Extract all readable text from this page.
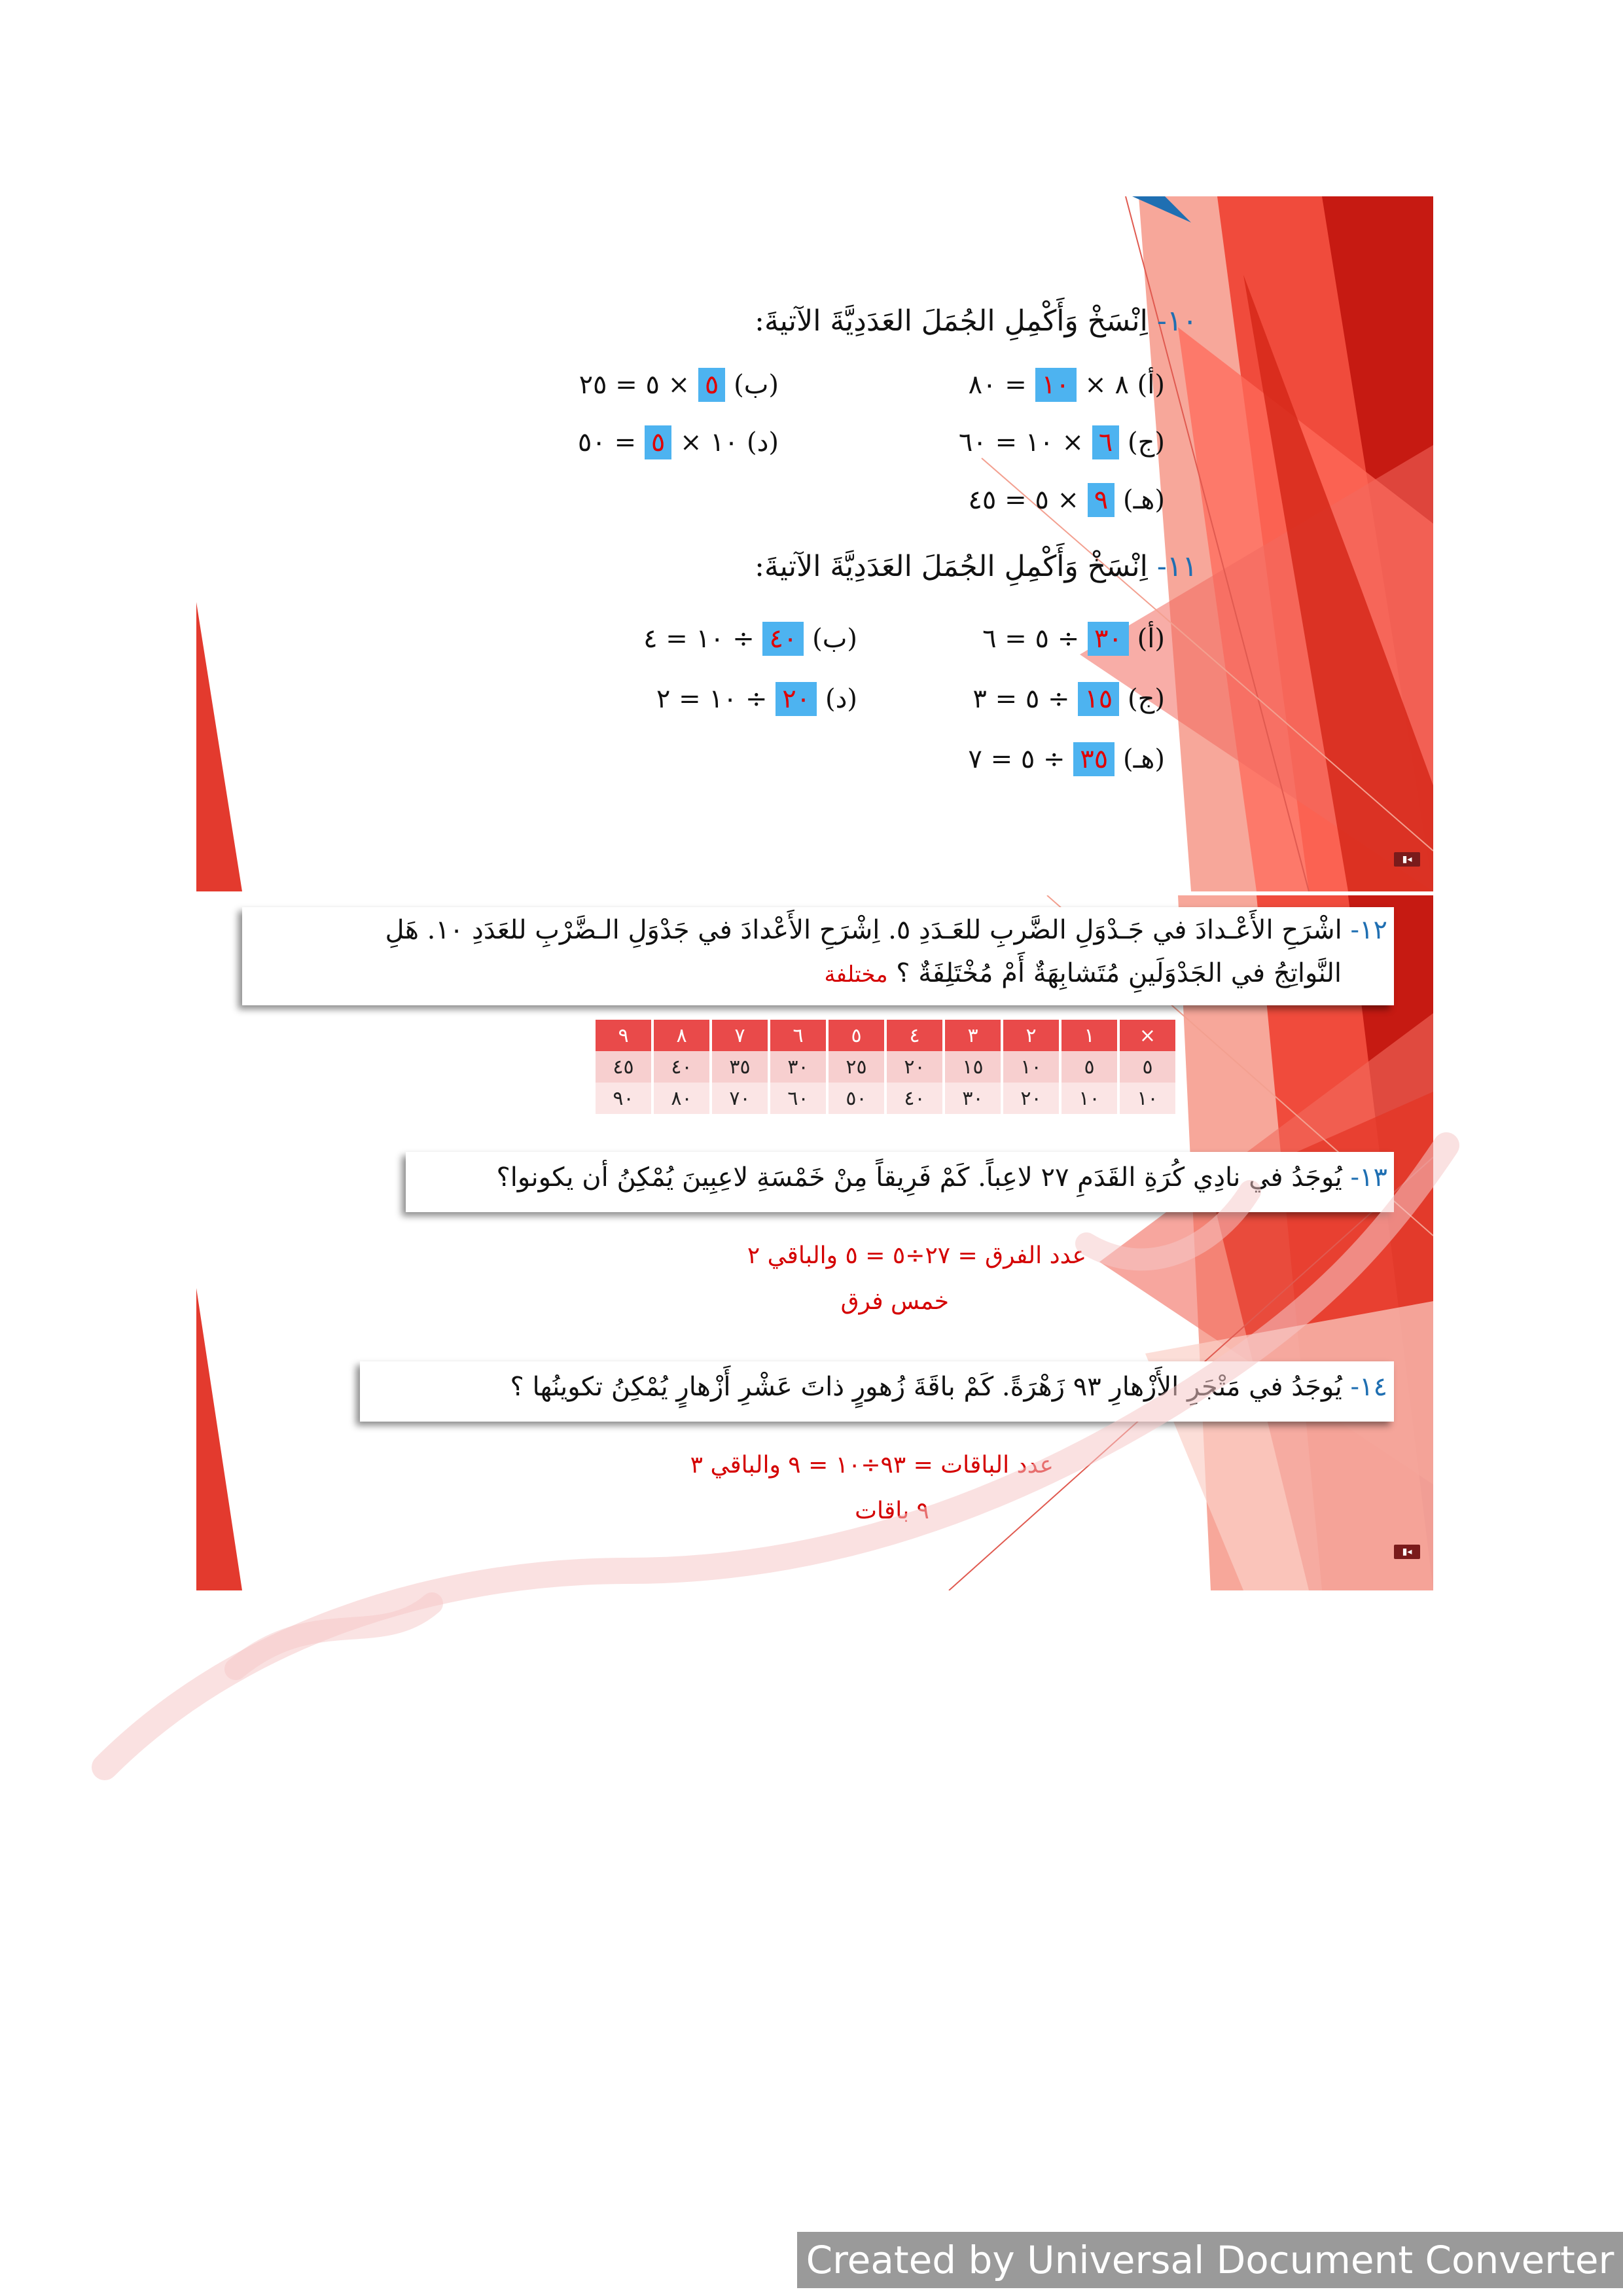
١٠- اِنْسَخْ وَأَكْمِلِ الجُمَلَ العَدَدِيَّةَ الآتيةَ:
(أ) ٨ × ١٠ = ٨٠
(ب) ٥ × ٥ = ٢٥
(ج) ٦ × ١٠ = ٦٠
(د) ١٠ × ٥ = ٥٠
(هـ) ٩ × ٥ = ٤٥
١١- اِنْسَخْ وَأَكْمِلِ الجُمَلَ العَدَدِيَّةَ الآتيةَ:
(أ) ٣٠ ÷ ٥ = ٦
(ب) ٤٠ ÷ ١٠ = ٤
(ج) ١٥ ÷ ٥ = ٣
(د) ٢٠ ÷ ١٠ = ٢
(هـ) ٣٥ ÷ ٥ = ٧
▮◂
١٢- اشْرَحِ الأَعْـدادَ في جَـدْوَلِ الضَّربِ للعَـدَدِ ٥. اِشْرَحِ الأَعْدادَ في جَدْوَلِ الـضَّرْبِ للعَدَدِ ١٠. هَلِ
النَّواتِجُ في الجَدْوَلَينِ مُتَشابِهَةٌ أَمْ مُخْتَلِفَةٌ ؟ مختلفة
×	١	٢	٣	٤	٥	٦	٧	٨	٩
٥	٥	١٠	١٥	٢٠	٢٥	٣٠	٣٥	٤٠	٤٥
١٠	١٠	٢٠	٣٠	٤٠	٥٠	٦٠	٧٠	٨٠	٩٠
١٣- يُوجَدُ في نادِي كُرَةِ القَدَمِ ٢٧ لاعِباً. كَمْ فَرِيقاً مِنْ خَمْسَةِ لاعِبِينَ يُمْكِنُ أن يكونوا؟
عدد الفرق = ٢٧÷٥ = ٥ والباقي ٢
خمس فرق
١٤- يُوجَدُ في مَتْجَرِ الأَزْهارِ ٩٣ زَهْرَةً. كَمْ باقَةَ زُهورٍ ذاتَ عَشْرِ أَزْهارٍ يُمْكِنُ تكوينُها ؟
عدد الباقات = ٩٣÷١٠ = ٩ والباقي ٣
٩ باقات
▮◂
Created by Universal Document Converter
